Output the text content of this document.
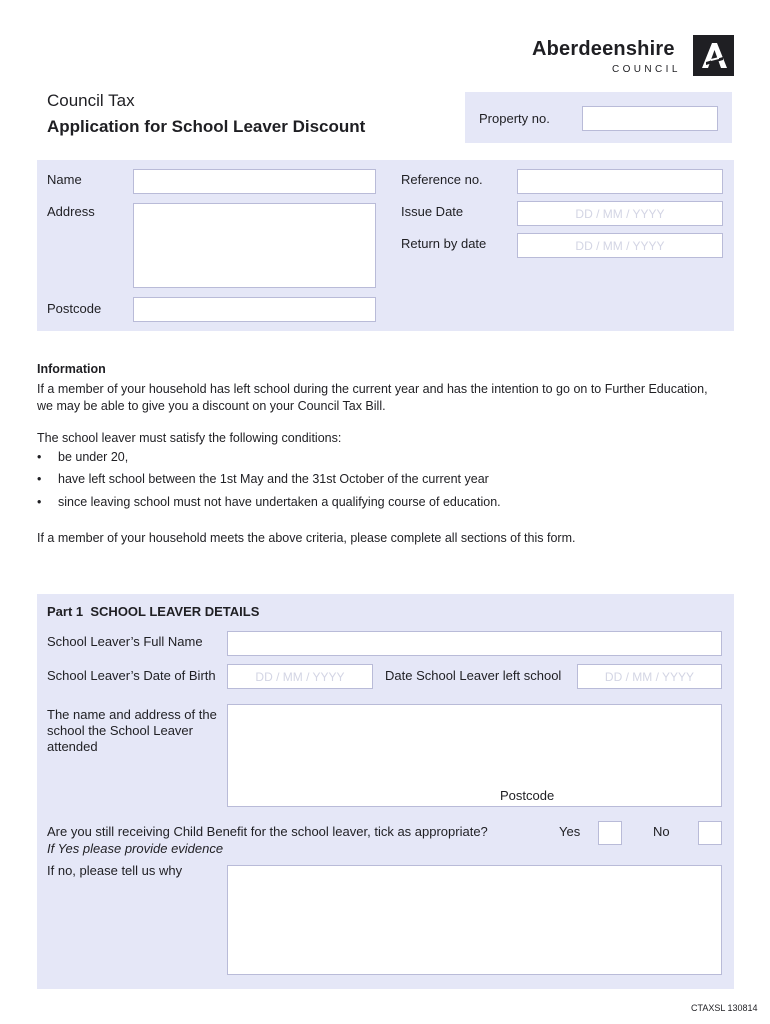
Aberdeenshire
COUNCIL
Council Tax
Application for School Leaver Discount	Property no.
Name
Address
Postcode
Reference no.
Issue Date	DD / MM / YYYY
Return by date	DD / MM / YYYY
Information
If a member of your household has left school during the current year and has the intention to go on to Further Education, we may be able to give you a discount on your Council Tax Bill.
The school leaver must satisfy the following conditions:
• be under 20,
• have left school between the 1st May and the 31st October of the current year
• since leaving school must not have undertaken a qualifying course of education.
If a member of your household meets the above criteria, please complete all sections of this form.
Part 1 SCHOOL LEAVER DETAILS
School Leaver’s Full Name
School Leaver’s Date of Birth	DD / MM / YYYY	Date School Leaver left school	DD / MM / YYYY
The name and address of the school the School Leaver attended
Postcode
Are you still receiving Child Benefit for the school leaver, tick as appropriate?
If Yes please provide evidence
Yes	No
If no, please tell us why
CTAXSL 130814
